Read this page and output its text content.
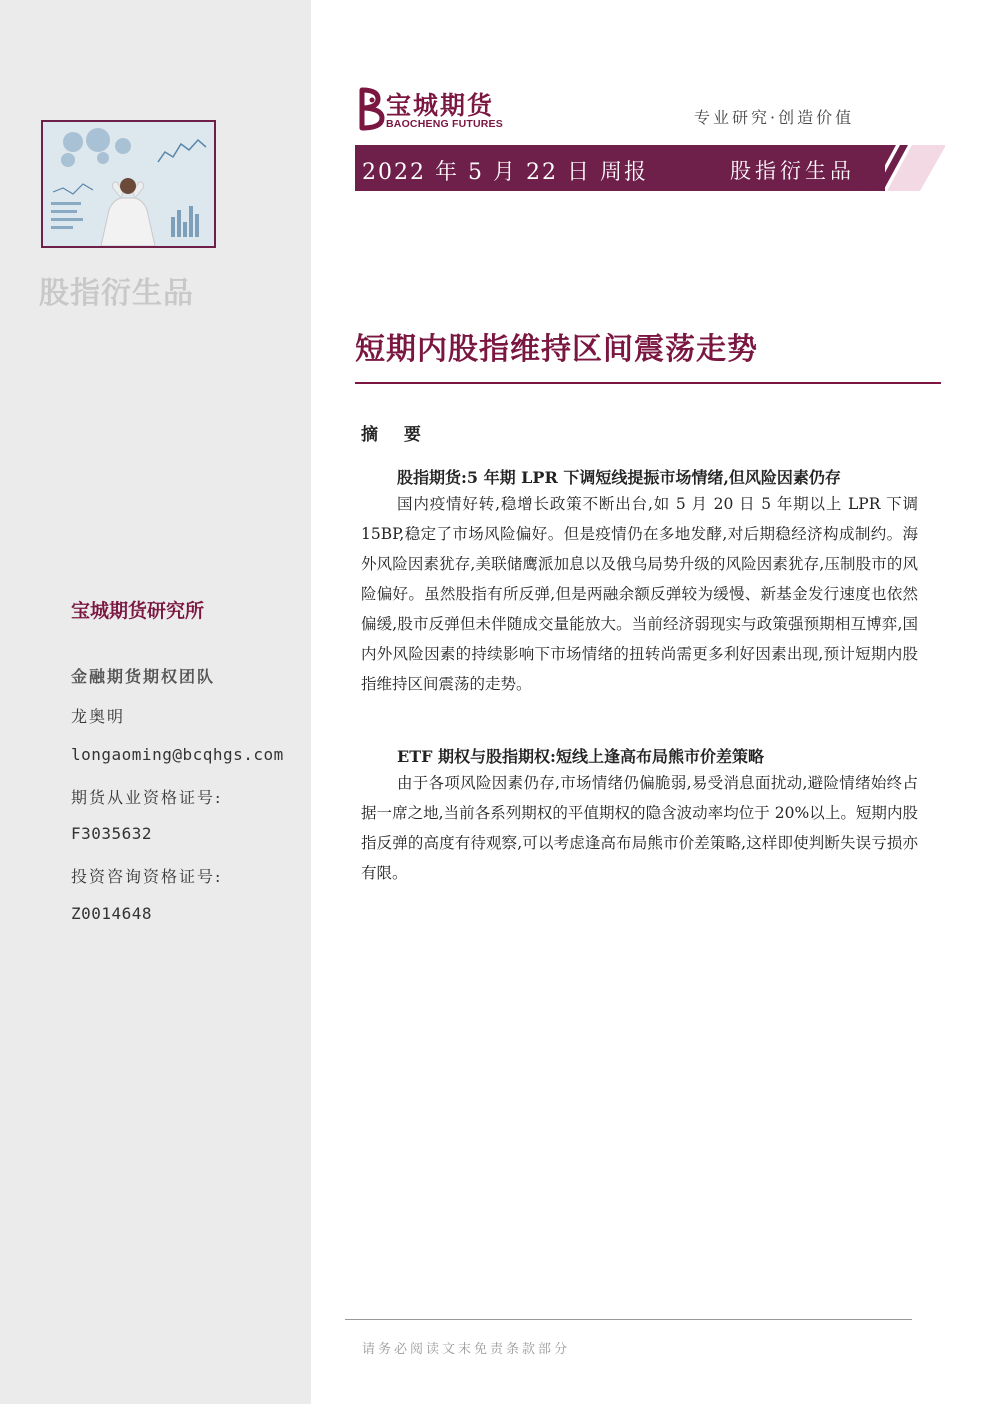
股指衍生品
宝城期货研究所
金融期货期权团队
龙奥明
longaoming@bcqhgs.com
期货从业资格证号:
F3035632
投资咨询资格证号:
Z0014648
宝城期货
BAOCHENG FUTURES	专业研究·创造价值
2022 年 5 月 22 日 周报	股指衍生品
短期内股指维持区间震荡走势
摘 要
股指期货:5 年期 LPR 下调短线提振市场情绪,但风险因素仍存
国内疫情好转,稳增长政策不断出台,如 5 月 20 日 5 年期以上 LPR 下调 15BP,稳定了市场风险偏好。但是疫情仍在多地发酵,对后期稳经济构成制约。海外风险因素犹存,美联储鹰派加息以及俄乌局势升级的风险因素犹存,压制股市的风险偏好。虽然股指有所反弹,但是两融余额反弹较为缓慢、新基金发行速度也依然偏缓,股市反弹但未伴随成交量能放大。当前经济弱现实与政策强预期相互博弈,国内外风险因素的持续影响下市场情绪的扭转尚需更多利好因素出现,预计短期内股指维持区间震荡的走势。
ETF 期权与股指期权:短线上逢高布局熊市价差策略
由于各项风险因素仍存,市场情绪仍偏脆弱,易受消息面扰动,避险情绪始终占据一席之地,当前各系列期权的平值期权的隐含波动率均位于 20%以上。短期内股指反弹的高度有待观察,可以考虑逢高布局熊市价差策略,这样即使判断失误亏损亦有限。
请务必阅读文末免责条款部分
